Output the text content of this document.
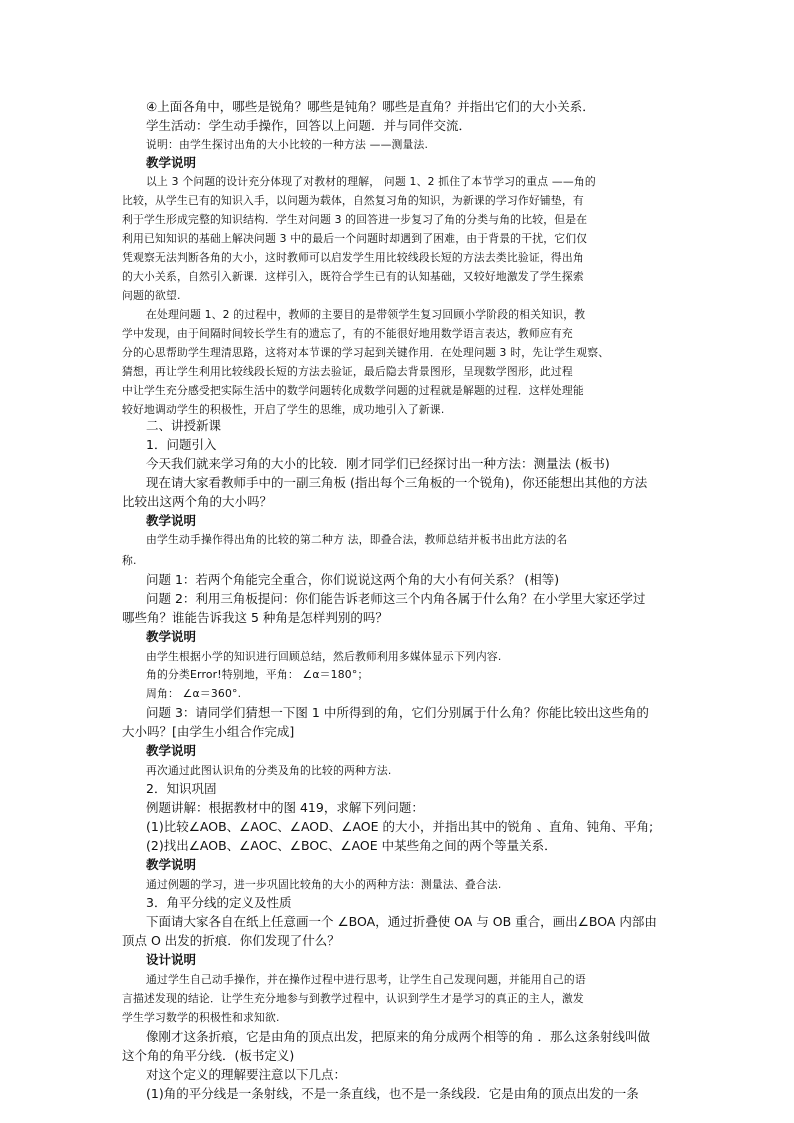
④上面各角中，哪些是锐角？哪些是钝角？哪些是直角？并指出它们的大小关系．
学生活动：学生动手操作，回答以上问题．并与同伴交流．
说明：由学生探讨出角的大小比较的一种方法 ——测量法.
教学说明
以上 3 个问题的设计充分体现了对教材的理解， 问题 1、2 抓住了本节学习的重点 ——角的
比较，从学生已有的知识入手，以问题为载体，自然复习角的知识，为新课的学习作好铺垫，有
利于学生形成完整的知识结构．学生对问题 3 的回答进一步复习了角的分类与角的比较，但是在
利用已知知识的基础上解决问题 3 中的最后一个问题时却遇到了困难，由于背景的干扰，它们仅
凭观察无法判断各角的大小，这时教师可以启发学生用比较线段长短的方法去类比验证，得出角
的大小关系，自然引入新课．这样引入，既符合学生已有的认知基础，又较好地激发了学生探索
问题的欲望.
在处理问题 1、2 的过程中，教师的主要目的是带领学生复习回顾小学阶段的相关知识，教
学中发现，由于间隔时间较长学生有的遗忘了，有的不能很好地用数学语言表达，教师应有充
分的心思帮助学生理清思路，这将对本节课的学习起到关键作用．在处理问题 3 时，先让学生观察、
猜想，再让学生利用比较线段长短的方法去验证，最后隐去背景图形，呈现数学图形，此过程
中让学生充分感受把实际生活中的数学问题转化成数学问题的过程就是解题的过程．这样处理能
较好地调动学生的积极性，开启了学生的思维，成功地引入了新课.
二、讲授新课
1．问题引入
今天我们就来学习角的大小的比较．刚才同学们已经探讨出一种方法：测量法 (板书)
现在请大家看教师手中的一副三角板 (指出每个三角板的一个锐角)，你还能想出其他的方法
比较出这两个角的大小吗？
教学说明
由学生动手操作得出角的比较的第二种方 法，即叠合法，教师总结并板书出此方法的名
称.
问题 1：若两个角能完全重合，你们说说这两个角的大小有何关系？ (相等)
问题 2：利用三角板提问：你们能告诉老师这三个内角各属于什么角？在小学里大家还学过
哪些角？谁能告诉我这 5 种角是怎样判别的吗？
教学说明
由学生根据小学的知识进行回顾总结，然后教师利用多媒体显示下列内容.
角的分类Error!特别地，平角： ∠α＝180°；
周角： ∠α＝360°.
问题 3：请同学们猜想一下图 1 中所得到的角，它们分别属于什么角？你能比较出这些角的
大小吗？[由学生小组合作完成]
教学说明
再次通过此图认识角的分类及角的比较的两种方法.
2．知识巩固
例题讲解：根据教材中的图 419，求解下列问题：
(1)比较∠AOB、∠AOC、∠AOD、∠AOE 的大小，并指出其中的锐角 、直角、钝角、平角;
(2)找出∠AOB、∠AOC、∠BOC、∠AOE 中某些角之间的两个等量关系．
教学说明
通过例题的学习，进一步巩固比较角的大小的两种方法：测量法、叠合法.
3．角平分线的定义及性质
下面请大家各自在纸上任意画一个 ∠BOA，通过折叠使 OA 与 OB 重合，画出∠BOA 内部由
顶点 O 出发的折痕．你们发现了什么？
设计说明
通过学生自己动手操作，并在操作过程中进行思考，让学生自己发现问题，并能用自己的语
言描述发现的结论．让学生充分地参与到教学过程中，认识到学生才是学习的真正的主人，激发
学生学习数学的积极性和求知欲.
像刚才这条折痕，它是由角的顶点出发，把原来的角分成两个相等的角 ．那么这条射线叫做
这个角的角平分线．(板书定义)
对这个定义的理解要注意以下几点：
(1)角的平分线是一条射线，不是一条直线，也不是一条线段．它是由角的顶点出发的一条
